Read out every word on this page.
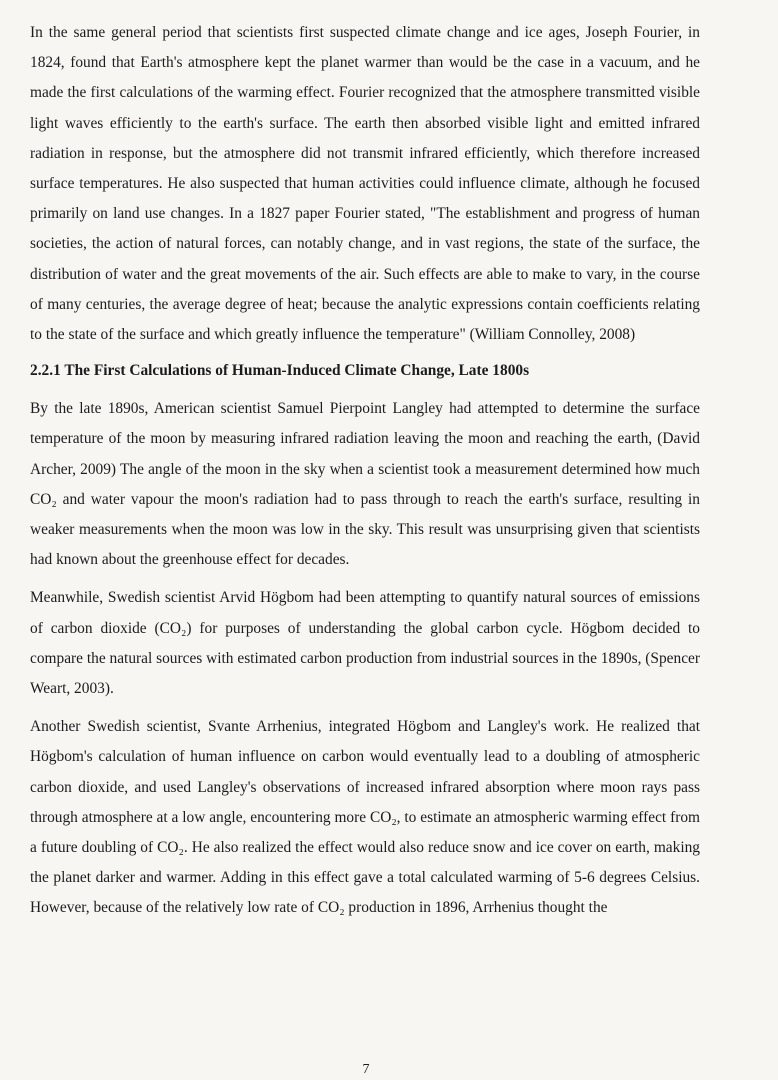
In the same general period that scientists first suspected climate change and ice ages, Joseph Fourier, in 1824, found that Earth's atmosphere kept the planet warmer than would be the case in a vacuum, and he made the first calculations of the warming effect. Fourier recognized that the atmosphere transmitted visible light waves efficiently to the earth's surface. The earth then absorbed visible light and emitted infrared radiation in response, but the atmosphere did not transmit infrared efficiently, which therefore increased surface temperatures. He also suspected that human activities could influence climate, although he focused primarily on land use changes. In a 1827 paper Fourier stated, "The establishment and progress of human societies, the action of natural forces, can notably change, and in vast regions, the state of the surface, the distribution of water and the great movements of the air. Such effects are able to make to vary, in the course of many centuries, the average degree of heat; because the analytic expressions contain coefficients relating to the state of the surface and which greatly influence the temperature" (William Connolley, 2008)

2.2.1 The First Calculations of Human-Induced Climate Change, Late 1800s

By the late 1890s, American scientist Samuel Pierpoint Langley had attempted to determine the surface temperature of the moon by measuring infrared radiation leaving the moon and reaching the earth, (David Archer, 2009) The angle of the moon in the sky when a scientist took a measurement determined how much CO₂ and water vapour the moon's radiation had to pass through to reach the earth's surface, resulting in weaker measurements when the moon was low in the sky. This result was unsurprising given that scientists had known about the greenhouse effect for decades.

Meanwhile, Swedish scientist Arvid Högbom had been attempting to quantify natural sources of emissions of carbon dioxide (CO₂) for purposes of understanding the global carbon cycle. Högbom decided to compare the natural sources with estimated carbon production from industrial sources in the 1890s, (Spencer Weart, 2003).

Another Swedish scientist, Svante Arrhenius, integrated Högbom and Langley's work. He realized that Högbom's calculation of human influence on carbon would eventually lead to a doubling of atmospheric carbon dioxide, and used Langley's observations of increased infrared absorption where moon rays pass through atmosphere at a low angle, encountering more CO₂, to estimate an atmospheric warming effect from a future doubling of CO₂. He also realized the effect would also reduce snow and ice cover on earth, making the planet darker and warmer. Adding in this effect gave a total calculated warming of 5-6 degrees Celsius. However, because of the relatively low rate of CO₂ production in 1896, Arrhenius thought the

7
